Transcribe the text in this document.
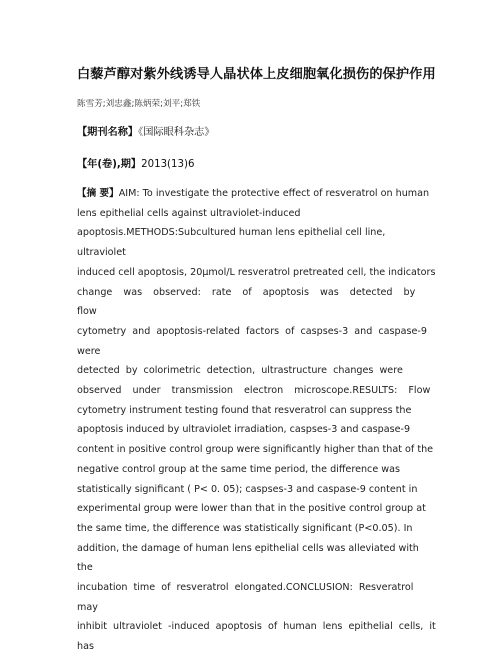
白藜芦醇对紫外线诱导人晶状体上皮细胞氧化损伤的保护作用
陈雪芳;刘忠鑫;陈炳荣;刘平;郑铁
【期刊名称】《国际眼科杂志》
【年(卷),期】2013(13)6

【摘 要】AIM: To investigate the protective effect of resveratrol on human

lens epithelial cells against ultraviolet-induced

apoptosis.METHODS:Subcultured human lens epithelial cell line, ultraviolet

induced cell apoptosis, 20μmol/L resveratrol pretreated cell, the indicators

change was observed: rate of apoptosis was detected by flow

cytometry and apoptosis-related factors of caspses-3 and caspase-9 were

detected by colorimetric detection, ultrastructure changes were

observed under transmission electron microscope.RESULTS: Flow

cytometry instrument testing found that resveratrol can suppress the

apoptosis induced by ultraviolet irradiation, caspses-3 and caspase-9

content in positive control group were significantly higher than that of the

negative control group at the same time period, the difference was

statistically significant ( P< 0. 05); caspses-3 and caspase-9 content in

experimental group were lower than that in the positive control group at

the same time, the difference was statistically significant (P<0.05). In

addition, the damage of human lens epithelial cells was alleviated with the

incubation time of resveratrol elongated.CONCLUSION: Resveratrol may

inhibit ultraviolet -induced apoptosis of human lens epithelial cells, it has
